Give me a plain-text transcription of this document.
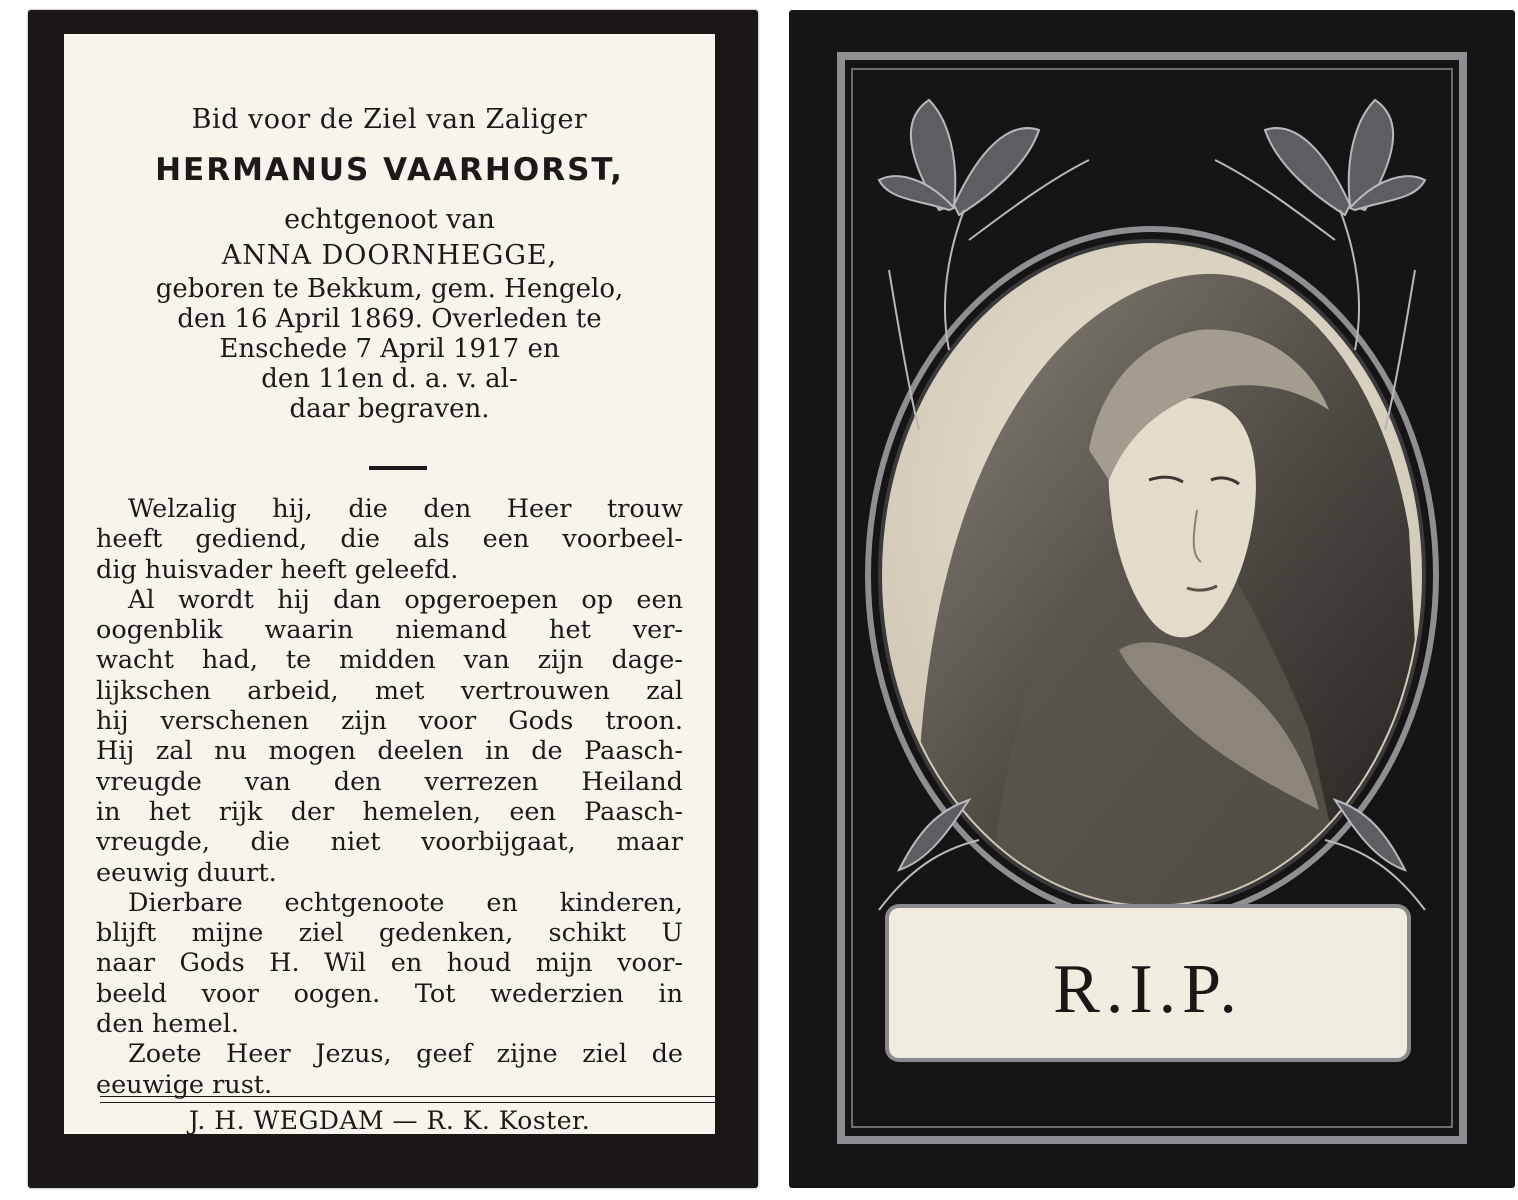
Bid voor de Ziel van Zaliger
HERMANUS VAARHORST,
echtgenoot van
ANNA DOORNHEGGE,
geboren te Bekkum, gem. Hengelo,
den 16 April 1869. Overleden te
Enschede 7 April 1917 en
den 11en d. a. v. al-
daar begraven.
Welzalig hij, die den Heer trouw
heeft gediend, die als een voorbeel-
dig huisvader heeft geleefd.
Al wordt hij dan opgeroepen op een
oogenblik waarin niemand het ver-
wacht had, te midden van zijn dage-
lijkschen arbeid, met vertrouwen zal
hij verschenen zijn voor Gods troon.
Hij zal nu mogen deelen in de Paasch-
vreugde van den verrezen Heiland
in het rijk der hemelen, een Paasch-
vreugde, die niet voorbijgaat, maar
eeuwig duurt.
Dierbare echtgenoote en kinderen,
blijft mijne ziel gedenken, schikt U
naar Gods H. Wil en houd mijn voor-
beeld voor oogen. Tot wederzien in
den hemel.
Zoete Heer Jezus, geef zijne ziel de
eeuwige rust.
J. H. WEGDAM — R. K. Koster.
R.I.P.
